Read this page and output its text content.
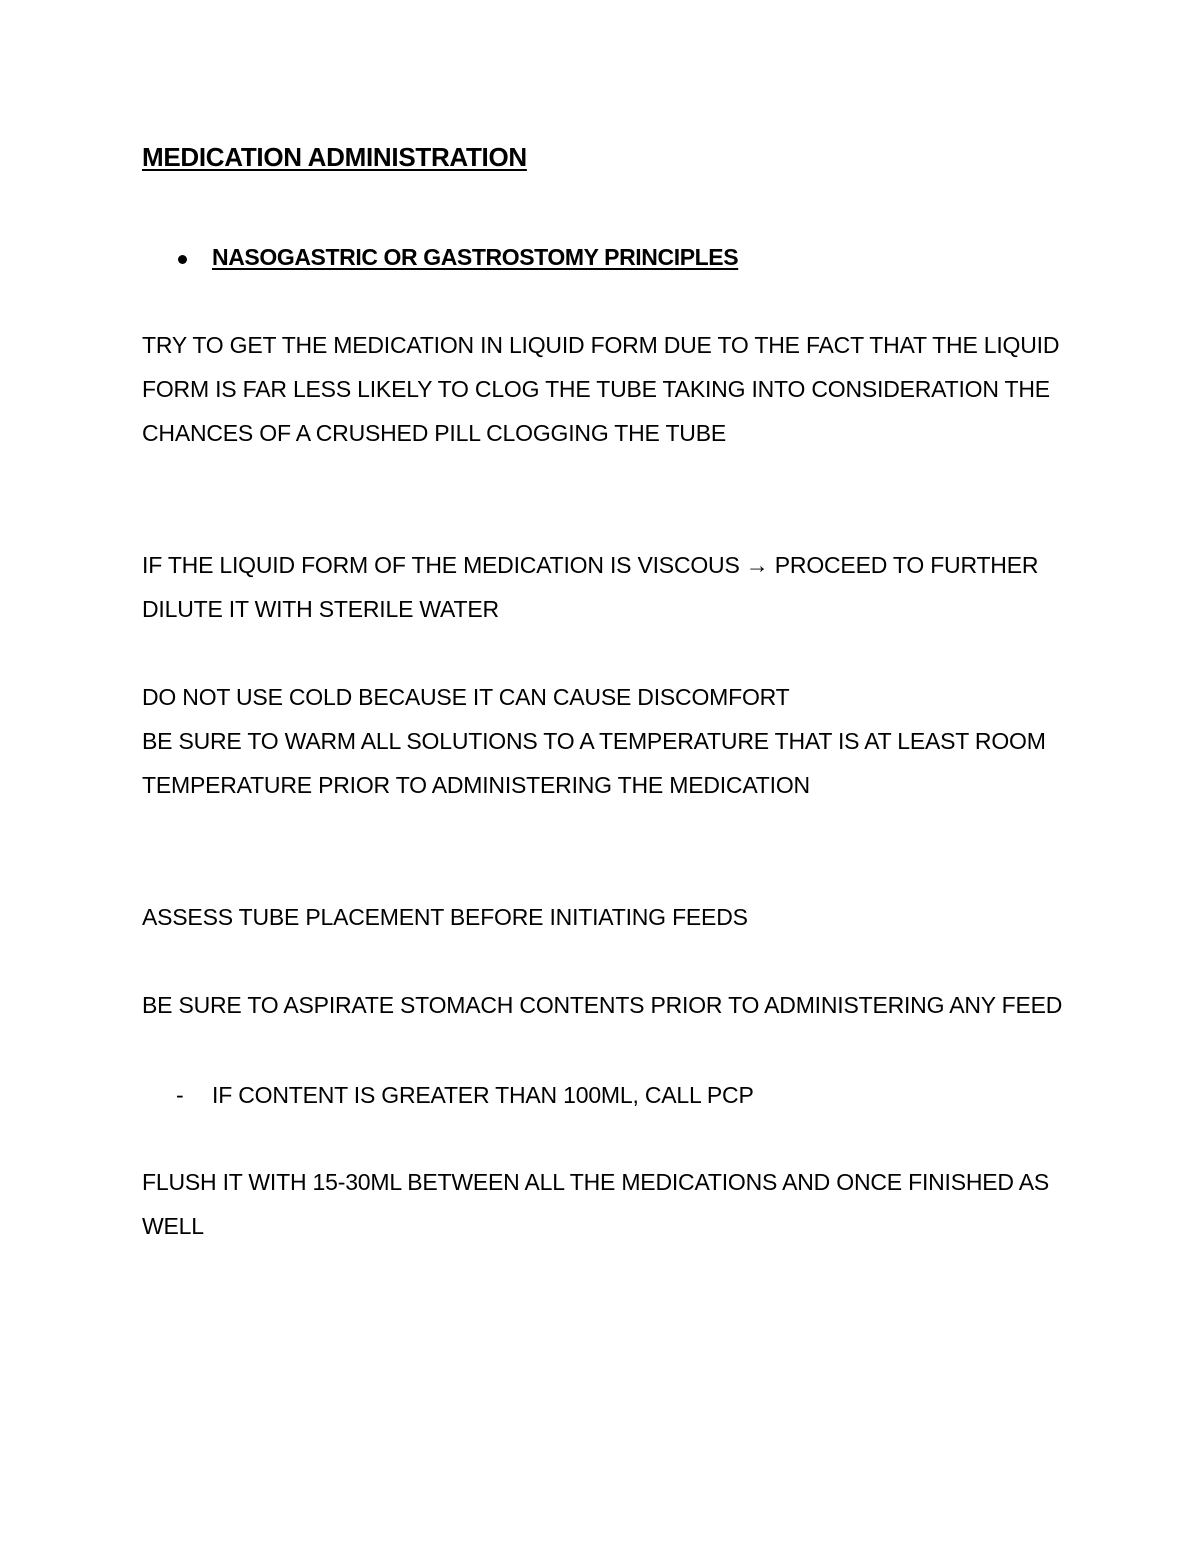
MEDICATION ADMINISTRATION
NASOGASTRIC OR GASTROSTOMY PRINCIPLES

TRY TO GET THE MEDICATION IN LIQUID FORM DUE TO THE FACT THAT THE LIQUID FORM IS FAR LESS LIKELY TO CLOG THE TUBE TAKING INTO CONSIDERATION THE CHANCES OF A CRUSHED PILL CLOGGING THE TUBE

IF THE LIQUID FORM OF THE MEDICATION IS VISCOUS → PROCEED TO FURTHER DILUTE IT WITH STERILE WATER

DO NOT USE COLD BECAUSE IT CAN CAUSE DISCOMFORT

BE SURE TO WARM ALL SOLUTIONS TO A TEMPERATURE THAT IS AT LEAST ROOM TEMPERATURE PRIOR TO ADMINISTERING THE MEDICATION

ASSESS TUBE PLACEMENT BEFORE INITIATING FEEDS

BE SURE TO ASPIRATE STOMACH CONTENTS PRIOR TO ADMINISTERING ANY FEED

- IF CONTENT IS GREATER THAN 100ML, CALL PCP

FLUSH IT WITH 15-30ML BETWEEN ALL THE MEDICATIONS AND ONCE FINISHED AS WELL
